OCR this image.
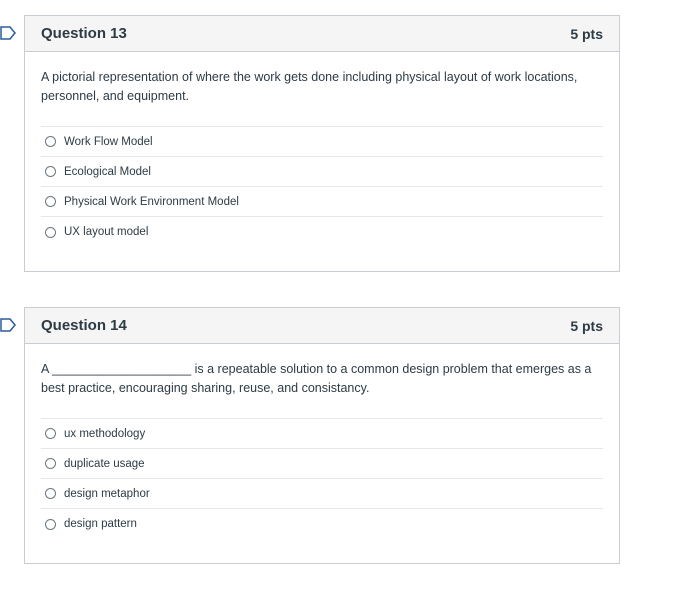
Question 13	5 pts

A pictorial representation of where the work gets done including physical layout of work locations, personnel, and equipment.

Work Flow Model
Ecological Model
Physical Work Environment Model
UX layout model
Question 14	5 pts

A ____________________ is a repeatable solution to a common design problem that emerges as a best practice, encouraging sharing, reuse, and consistancy.

ux methodology
duplicate usage
design metaphor
design pattern
